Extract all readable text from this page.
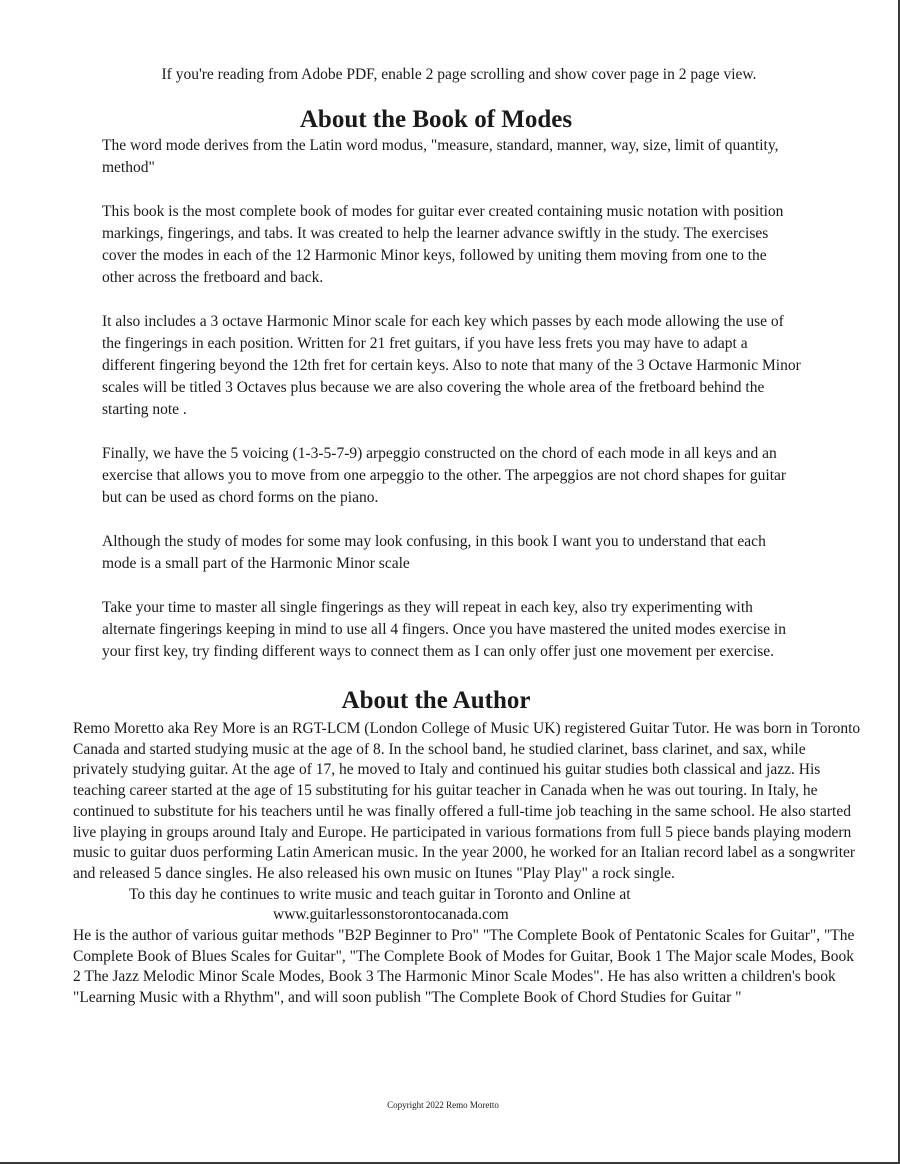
If you're reading from Adobe PDF, enable 2 page scrolling and show cover page in 2 page view.
About the Book of Modes

The word mode derives from the Latin word modus, "measure, standard, manner, way, size, limit of quantity, method"

This book is the most complete book of modes for guitar ever created containing music notation with position markings, fingerings, and tabs. It was created to help the learner advance swiftly in the study. The exercises cover the modes in each of the 12 Harmonic Minor keys, followed by uniting them moving from one to the other across the fretboard and back.

It also includes a 3 octave Harmonic Minor scale for each key which passes by each mode allowing the use of the fingerings in each position. Written for 21 fret guitars, if you have less frets you may have to adapt a different fingering beyond the 12th fret for certain keys. Also to note that many of the 3 Octave Harmonic Minor scales will be titled 3 Octaves plus because we are also covering the whole area of the fretboard behind the starting note .

Finally, we have the 5 voicing (1-3-5-7-9) arpeggio constructed on the chord of each mode in all keys and an exercise that allows you to move from one arpeggio to the other. The arpeggios are not chord shapes for guitar but can be used as chord forms on the piano.

Although the study of modes for some may look confusing, in this book I want you to understand that each mode is a small part of the Harmonic Minor scale

Take your time to master all single fingerings as they will repeat in each key, also try experimenting with alternate fingerings keeping in mind to use all 4 fingers. Once you have mastered the united modes exercise in your first key, try finding different ways to connect them as I can only offer just one movement per exercise.

About the Author

Remo Moretto aka Rey More is an RGT-LCM (London College of Music UK) registered Guitar Tutor. He was born in Toronto Canada and started studying music at the age of 8. In the school band, he studied clarinet, bass clarinet, and sax, while privately studying guitar. At the age of 17, he moved to Italy and continued his guitar studies both classical and jazz. His teaching career started at the age of 15 substituting for his guitar teacher in Canada when he was out touring. In Italy, he continued to substitute for his teachers until he was finally offered a full-time job teaching in the same school. He also started live playing in groups around Italy and Europe. He participated in various formations from full 5 piece bands playing modern music to guitar duos performing Latin American music. In the year 2000, he worked for an Italian record label as a songwriter and released 5 dance singles. He also released his own music on Itunes "Play Play" a rock single.

To this day he continues to write music and teach guitar in Toronto and Online at

www.guitarlessonstorontocanada.com

He is the author of various guitar methods "B2P Beginner to Pro" "The Complete Book of Pentatonic Scales for Guitar", "The Complete Book of Blues Scales for Guitar", "The Complete Book of Modes for Guitar, Book 1 The Major scale Modes, Book 2 The Jazz Melodic Minor Scale Modes, Book 3 The Harmonic Minor Scale Modes". He has also written a children's book "Learning Music with a Rhythm", and will soon publish "The Complete Book of Chord Studies for Guitar "

Copyright 2022 Remo Moretto
